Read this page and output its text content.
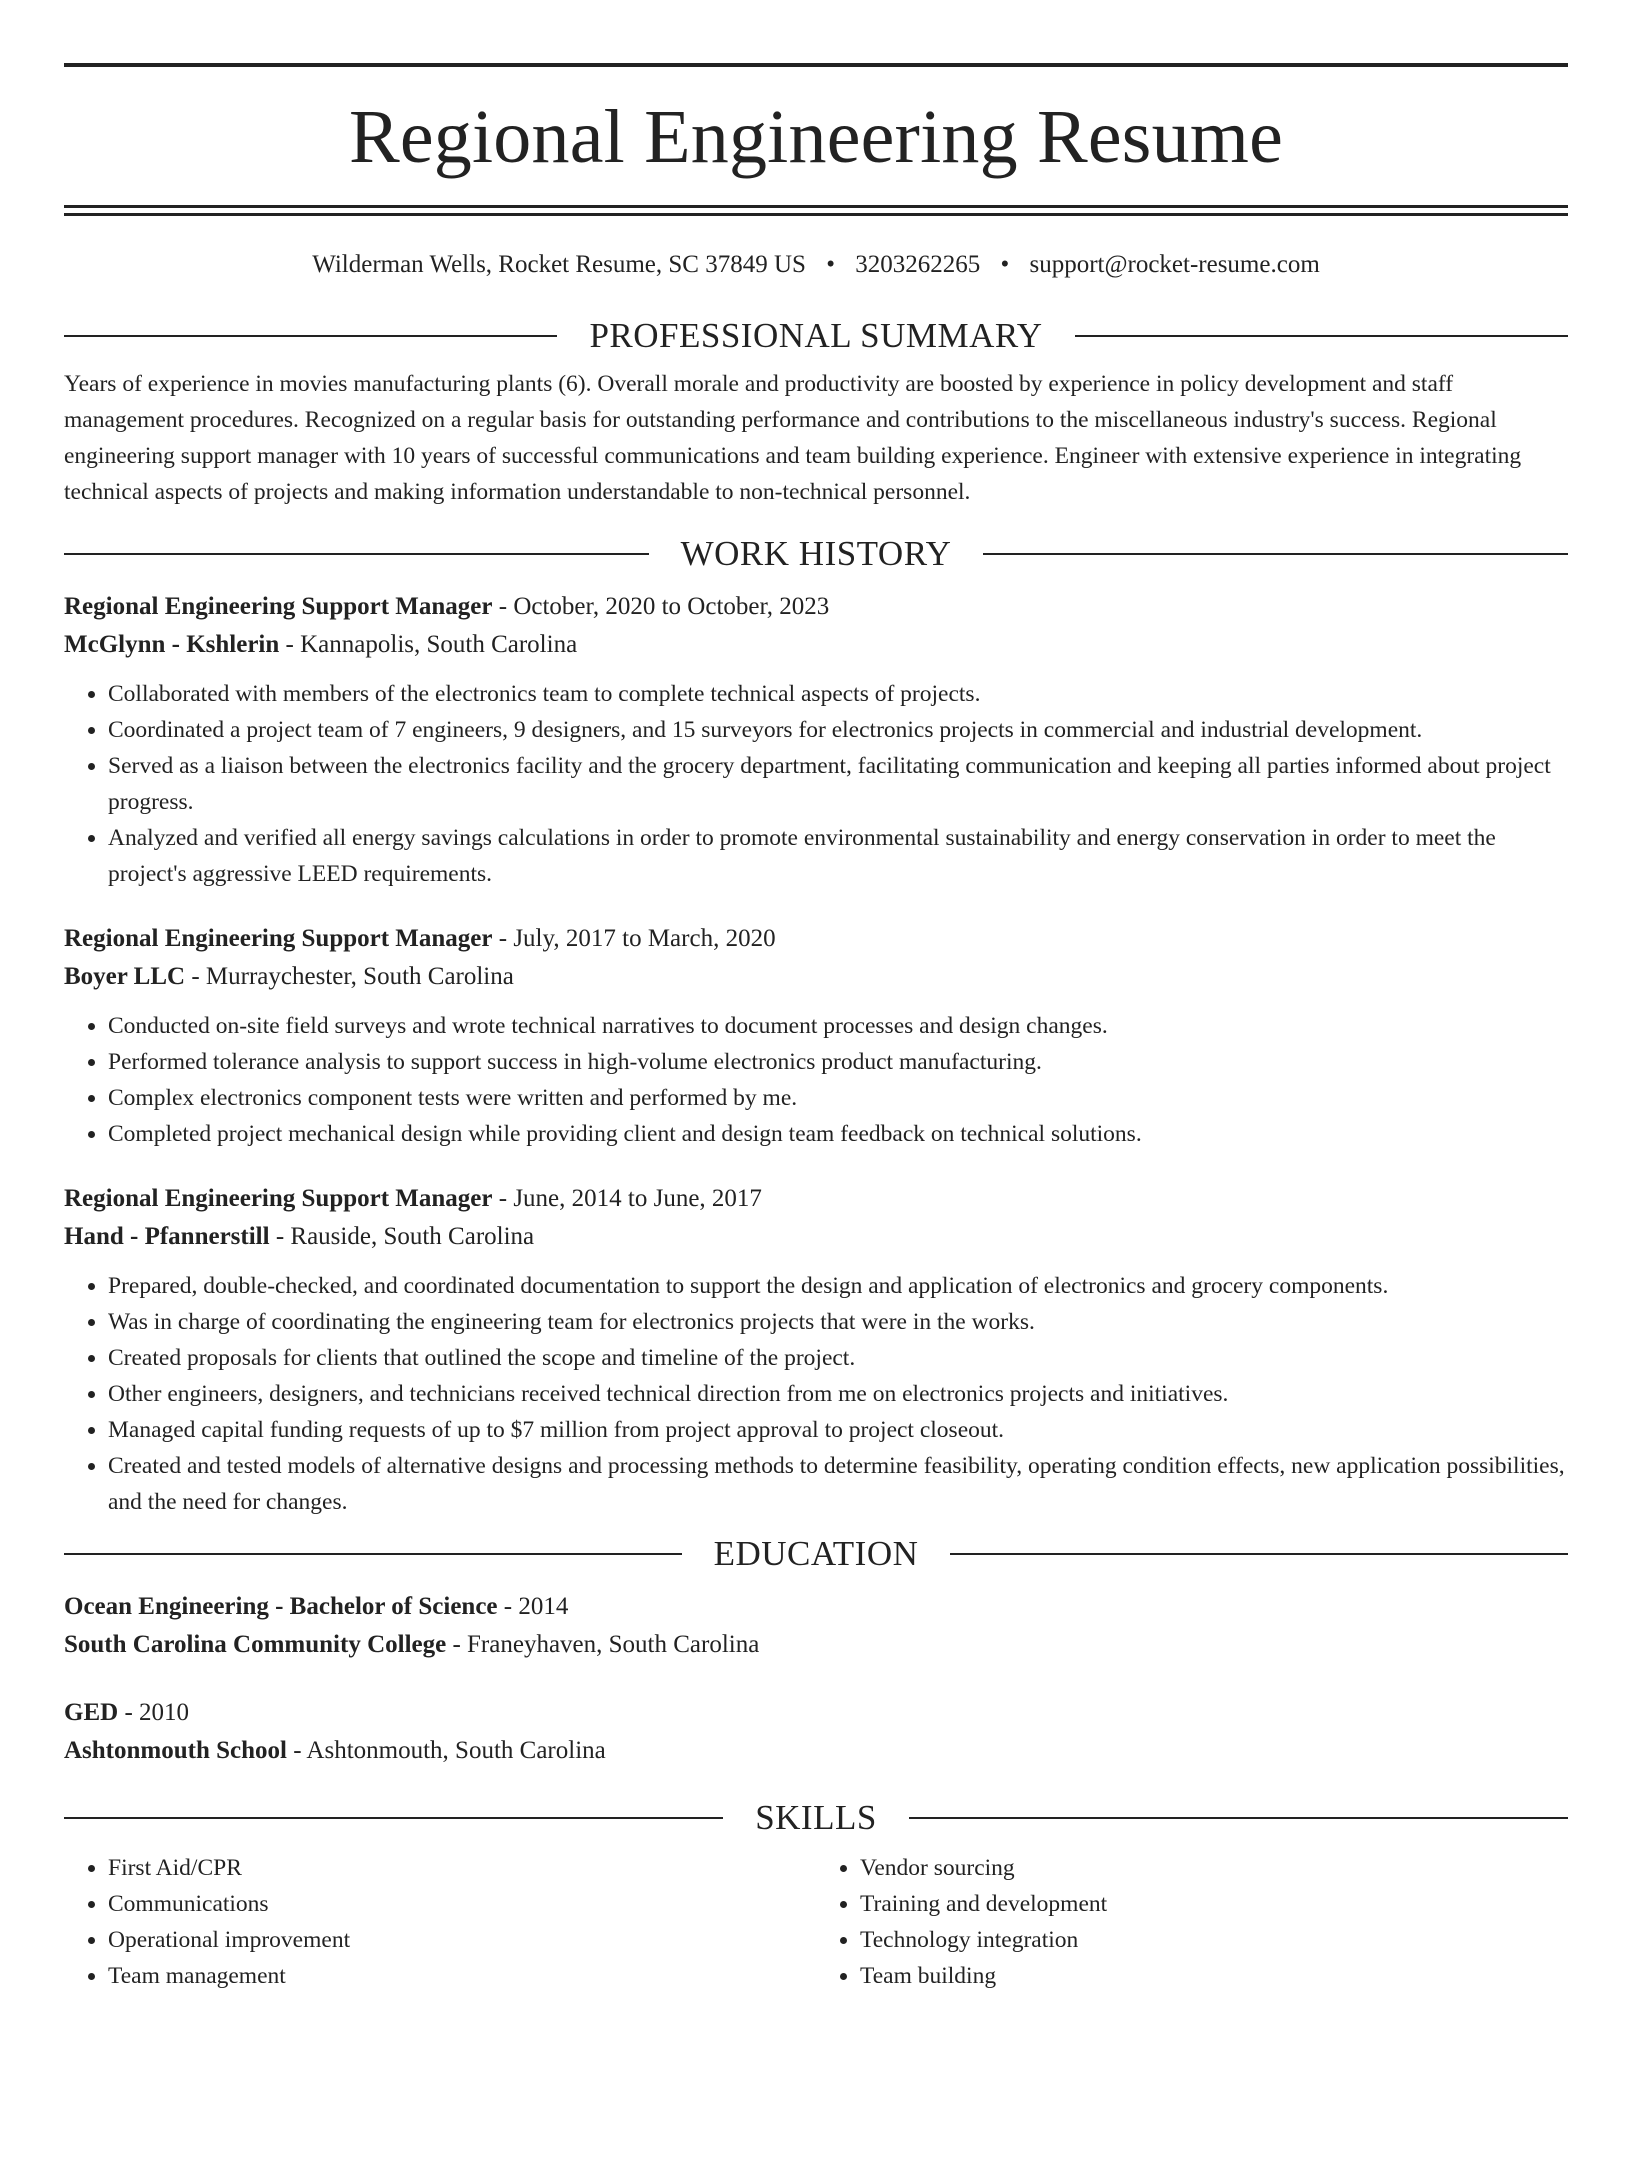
Regional Engineering Resume
Wilderman Wells, Rocket Resume, SC 37849 US • 3203262265 • support@rocket-resume.com
PROFESSIONAL SUMMARY

Years of experience in movies manufacturing plants (6). Overall morale and productivity are boosted by experience in policy development and staff management procedures. Recognized on a regular basis for outstanding performance and contributions to the miscellaneous industry's success. Regional engineering support manager with 10 years of successful communications and team building experience. Engineer with extensive experience in integrating technical aspects of projects and making information understandable to non-technical personnel.

WORK HISTORY
Regional Engineering Support Manager - October, 2020 to October, 2023
McGlynn - Kshlerin - Kannapolis, South Carolina
• Collaborated with members of the electronics team to complete technical aspects of projects.
• Coordinated a project team of 7 engineers, 9 designers, and 15 surveyors for electronics projects in commercial and industrial development.
• Served as a liaison between the electronics facility and the grocery department, facilitating communication and keeping all parties informed about project progress.
• Analyzed and verified all energy savings calculations in order to promote environmental sustainability and energy conservation in order to meet the project's aggressive LEED requirements.
Regional Engineering Support Manager - July, 2017 to March, 2020
Boyer LLC - Murraychester, South Carolina
• Conducted on-site field surveys and wrote technical narratives to document processes and design changes.
• Performed tolerance analysis to support success in high-volume electronics product manufacturing.
• Complex electronics component tests were written and performed by me.
• Completed project mechanical design while providing client and design team feedback on technical solutions.
Regional Engineering Support Manager - June, 2014 to June, 2017
Hand - Pfannerstill - Rauside, South Carolina
• Prepared, double-checked, and coordinated documentation to support the design and application of electronics and grocery components.
• Was in charge of coordinating the engineering team for electronics projects that were in the works.
• Created proposals for clients that outlined the scope and timeline of the project.
• Other engineers, designers, and technicians received technical direction from me on electronics projects and initiatives.
• Managed capital funding requests of up to $7 million from project approval to project closeout.
• Created and tested models of alternative designs and processing methods to determine feasibility, operating condition effects, new application possibilities, and the need for changes.
EDUCATION
Ocean Engineering - Bachelor of Science - 2014
South Carolina Community College - Franeyhaven, South Carolina
GED - 2010
Ashtonmouth School - Ashtonmouth, South Carolina
SKILLS
• First Aid/CPR
• Communications
• Operational improvement
• Team management
• Vendor sourcing
• Training and development
• Technology integration
• Team building
